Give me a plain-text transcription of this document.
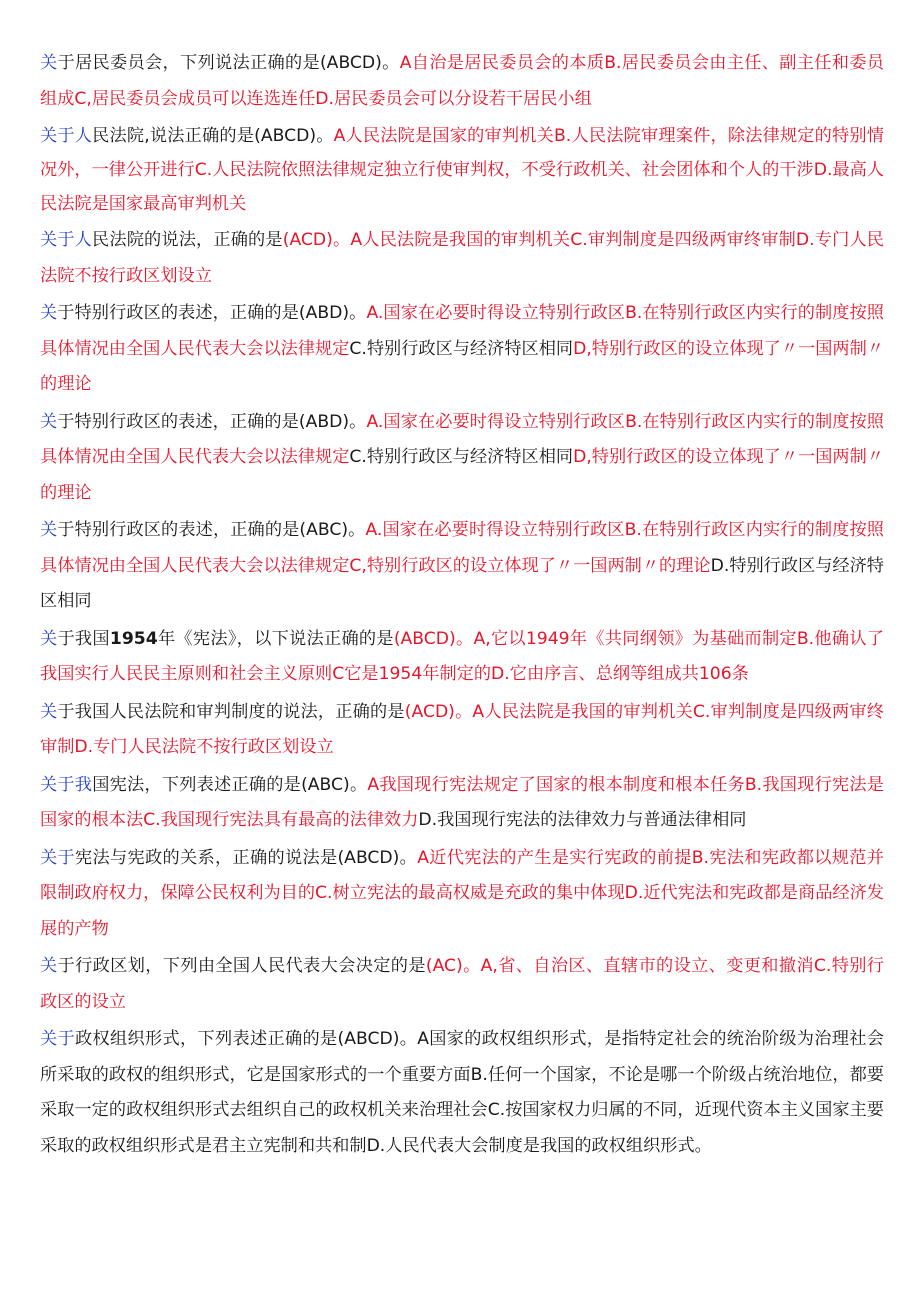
关于居民委员会，下列说法正确的是(ABCD)。A自治是居民委员会的本质B.居民委员会由主任、副主任和委员组成C,居民委员会成员可以连选连任D.居民委员会可以分设若干居民小组

关于人民法院,说法正确的是(ABCD)。A人民法院是国家的审判机关B.人民法院审理案件，除法律规定的特别情况外，一律公开进行C.人民法院依照法律规定独立行使审判权，不受行政机关、社会团体和个人的干涉D.最高人民法院是国家最高审判机关

关于人民法院的说法，正确的是(ACD)。A人民法院是我国的审判机关C.审判制度是四级两审终审制D.专门人民法院不按行政区划设立

关于特别行政区的表述，正确的是(ABD)。A.国家在必要时得设立特别行政区B.在特别行政区内实行的制度按照具体情况由全国人民代表大会以法律规定C.特别行政区与经济特区相同D,特别行政区的设立体现了〃一国两制〃的理论

关于特别行政区的表述，正确的是(ABD)。A.国家在必要时得设立特别行政区B.在特别行政区内实行的制度按照具体情况由全国人民代表大会以法律规定C.特别行政区与经济特区相同D,特别行政区的设立体现了〃一国两制〃的理论

关于特别行政区的表述，正确的是(ABC)。A.国家在必要时得设立特别行政区B.在特别行政区内实行的制度按照具体情况由全国人民代表大会以法律规定C,特别行政区的设立体现了〃一国两制〃的理论D.特别行政区与经济特区相同

关于我国1954年《宪法》，以下说法正确的是(ABCD)。A,它以1949年《共同纲领》为基础而制定B.他确认了我国实行人民民主原则和社会主义原则C它是1954年制定的D.它由序言、总纲等组成共106条

关于我国人民法院和审判制度的说法，正确的是(ACD)。A人民法院是我国的审判机关C.审判制度是四级两审终审制D.专门人民法院不按行政区划设立

关于我国宪法，下列表述正确的是(ABC)。A我国现行宪法规定了国家的根本制度和根本任务B.我国现行宪法是国家的根本法C.我国现行宪法具有最高的法律效力D.我国现行宪法的法律效力与普通法律相同

关于宪法与宪政的关系，正确的说法是(ABCD)。A近代宪法的产生是实行宪政的前提B.宪法和宪政都以规范并限制政府权力，保障公民权利为目的C.树立宪法的最高权威是充政的集中体现D.近代宪法和宪政都是商品经济发展的产物

关于行政区划，下列由全国人民代表大会决定的是(AC)。A,省、自治区、直辖市的设立、变更和撤消C.特别行政区的设立

关于政权组织形式，下列表述正确的是(ABCD)。A国家的政权组织形式，是指特定社会的统治阶级为治理社会所采取的政权的组织形式，它是国家形式的一个重要方面B.任何一个国家，不论是哪一个阶级占统治地位，都要采取一定的政权组织形式去组织自己的政权机关来治理社会C.按国家权力归属的不同，近现代资本主义国家主要采取的政权组织形式是君主立宪制和共和制D.人民代表大会制度是我国的政权组织形式。
